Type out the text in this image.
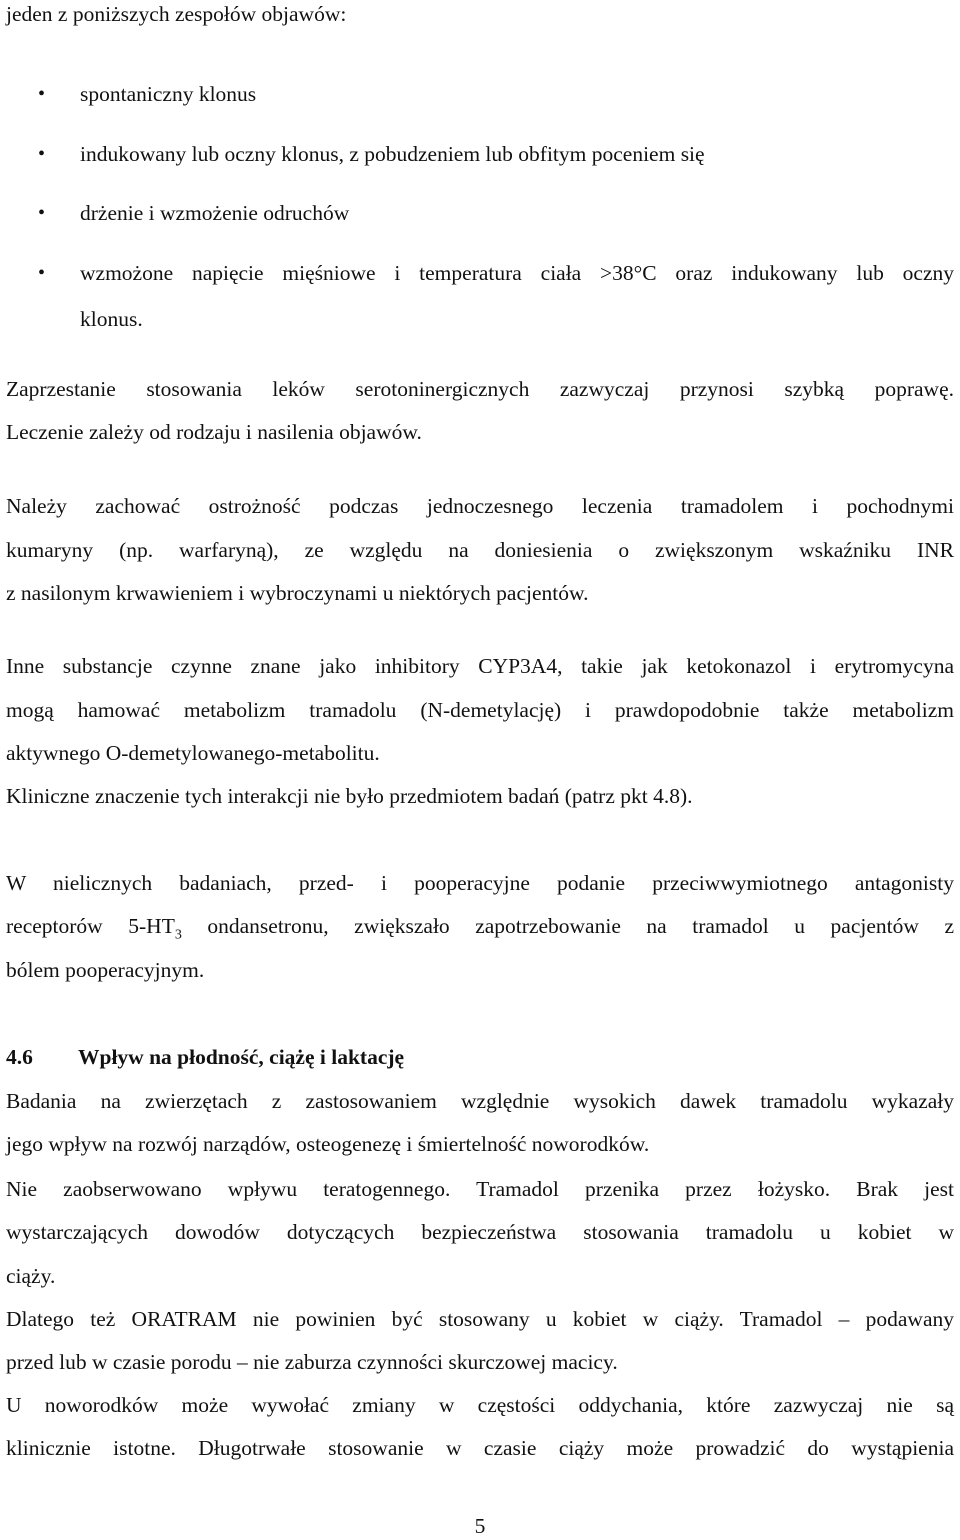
jeden z poniższych zespołów objawów:
•
spontaniczny klonus
•
indukowany lub oczny klonus, z pobudzeniem lub obfitym poceniem się
•
drżenie i wzmożenie odruchów
•
wzmożone napięcie mięśniowe i temperatura ciała >38°C oraz indukowany lub oczny
klonus.
Zaprzestanie stosowania leków serotoninergicznych zazwyczaj przynosi szybką poprawę.
Leczenie zależy od rodzaju i nasilenia objawów.
Należy zachować ostrożność podczas jednoczesnego leczenia tramadolem i pochodnymi
kumaryny (np. warfaryną), ze względu na doniesienia o zwiększonym wskaźniku INR
z nasilonym krwawieniem i wybroczynami u niektórych pacjentów.
Inne substancje czynne znane jako inhibitory CYP3A4, takie jak ketokonazol i erytromycyna
mogą hamować metabolizm tramadolu (N-demetylację) i prawdopodobnie także metabolizm
aktywnego O-demetylowanego-metabolitu.
Kliniczne znaczenie tych interakcji nie było przedmiotem badań (patrz pkt 4.8).
W nielicznych badaniach, przed- i pooperacyjne podanie przeciwwymiotnego antagonisty
receptorów $5-HT_3$ ondansetronu, zwiększało zapotrzebowanie na tramadol u pacjentów z
bólem pooperacyjnym.
4.6 Wpływ na płodność, ciążę i laktację
Badania na zwierzętach z zastosowaniem względnie wysokich dawek tramadolu wykazały
jego wpływ na rozwój narządów, osteogenezę i śmiertelność noworodków.
Nie zaobserwowano wpływu teratogennego. Tramadol przenika przez łożysko. Brak jest
wystarczających dowodów dotyczących bezpieczeństwa stosowania tramadolu u kobiet w
ciąży.
Dlatego też ORATRAM nie powinien być stosowany u kobiet w ciąży. Tramadol – podawany
przed lub w czasie porodu – nie zaburza czynności skurczowej macicy.
U noworodków może wywołać zmiany w częstości oddychania, które zazwyczaj nie są
klinicznie istotne. Długotrwałe stosowanie w czasie ciąży może prowadzić do wystąpienia
5
